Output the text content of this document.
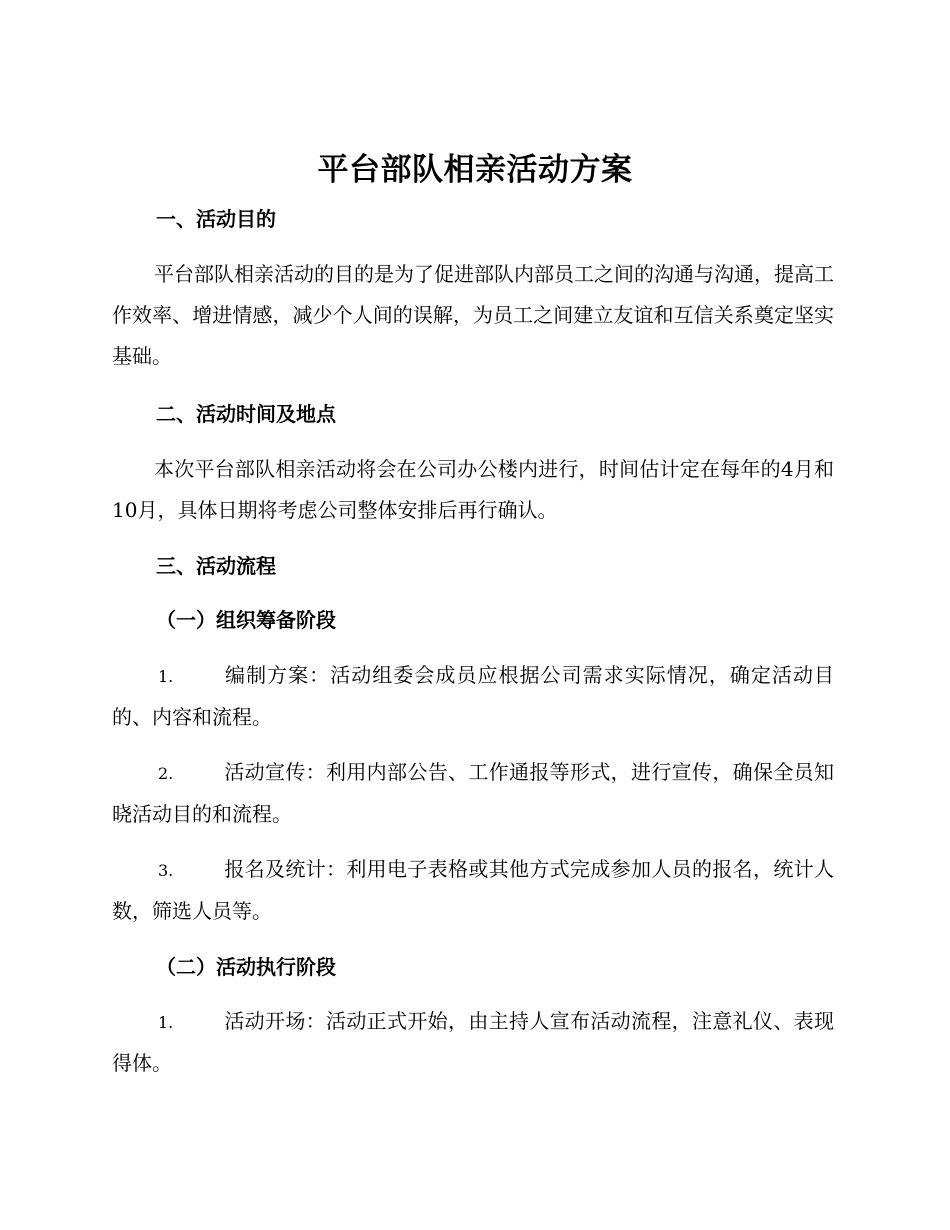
平台部队相亲活动方案
一、活动目的
平台部队相亲活动的目的是为了促进部队内部员工之间的沟通与沟通，提高工作效率、增进情感，减少个人间的误解，为员工之间建立友谊和互信关系奠定坚实基础。
二、活动时间及地点
本次平台部队相亲活动将会在公司办公楼内进行，时间估计定在每年的4月和10月，具体日期将考虑公司整体安排后再行确认。
三、活动流程
（一）组织筹备阶段
1.	编制方案：活动组委会成员应根据公司需求实际情况，确定活动目的、内容和流程。
2.	活动宣传：利用内部公告、工作通报等形式，进行宣传，确保全员知晓活动目的和流程。
3.	报名及统计：利用电子表格或其他方式完成参加人员的报名，统计人数，筛选人员等。
（二）活动执行阶段
1.	活动开场：活动正式开始，由主持人宣布活动流程，注意礼仪、表现得体。
